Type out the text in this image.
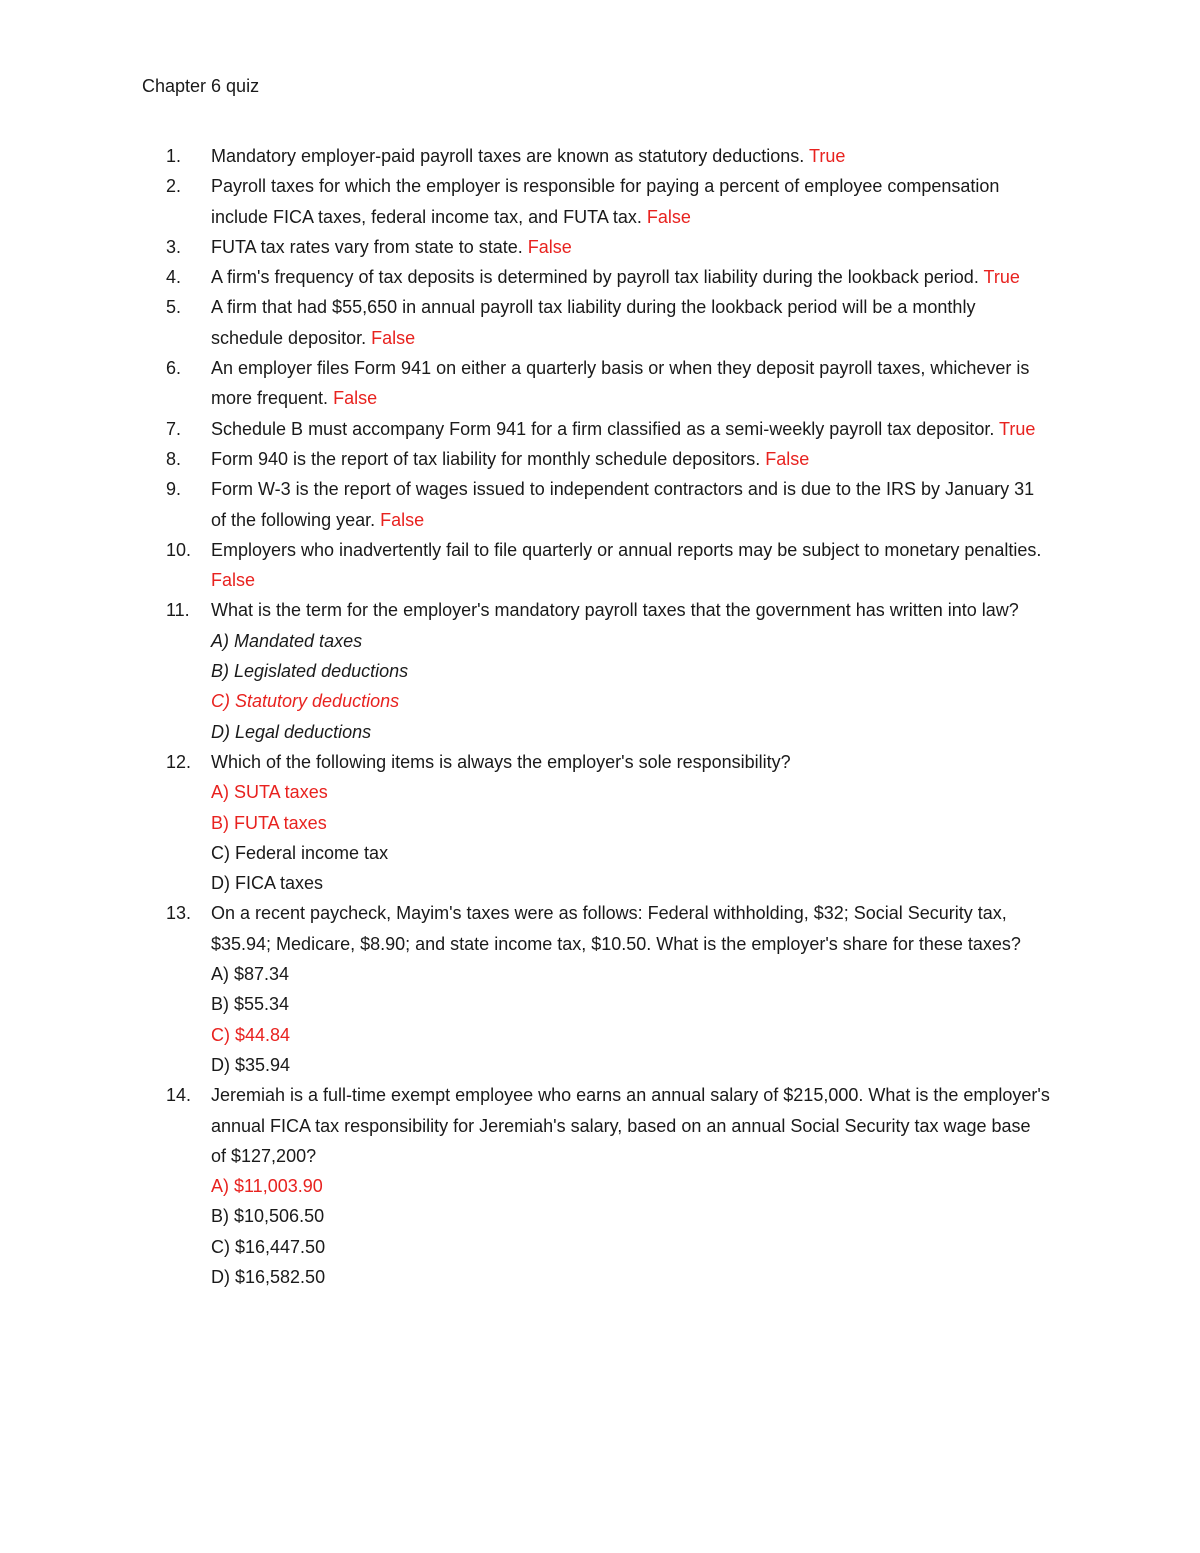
Chapter 6 quiz
1. Mandatory employer-paid payroll taxes are known as statutory deductions. True
2. Payroll taxes for which the employer is responsible for paying a percent of employee compensation include FICA taxes, federal income tax, and FUTA tax. False
3. FUTA tax rates vary from state to state. False
4. A firm's frequency of tax deposits is determined by payroll tax liability during the lookback period. True
5. A firm that had $55,650 in annual payroll tax liability during the lookback period will be a monthly schedule depositor. False
6. An employer files Form 941 on either a quarterly basis or when they deposit payroll taxes, whichever is more frequent. False
7. Schedule B must accompany Form 941 for a firm classified as a semi-weekly payroll tax depositor. True
8. Form 940 is the report of tax liability for monthly schedule depositors. False
9. Form W-3 is the report of wages issued to independent contractors and is due to the IRS by January 31 of the following year. False
10. Employers who inadvertently fail to file quarterly or annual reports may be subject to monetary penalties. False
11. What is the term for the employer's mandatory payroll taxes that the government has written into law?
A) Mandated taxes
B) Legislated deductions
C) Statutory deductions
D) Legal deductions
12. Which of the following items is always the employer's sole responsibility?
A) SUTA taxes
B) FUTA taxes
C) Federal income tax
D) FICA taxes
13. On a recent paycheck, Mayim's taxes were as follows: Federal withholding, $32; Social Security tax, $35.94; Medicare, $8.90; and state income tax, $10.50. What is the employer's share for these taxes?
A) $87.34
B) $55.34
C) $44.84
D) $35.94
14. Jeremiah is a full-time exempt employee who earns an annual salary of $215,000. What is the employer's annual FICA tax responsibility for Jeremiah's salary, based on an annual Social Security tax wage base of $127,200?
A) $11,003.90
B) $10,506.50
C) $16,447.50
D) $16,582.50
